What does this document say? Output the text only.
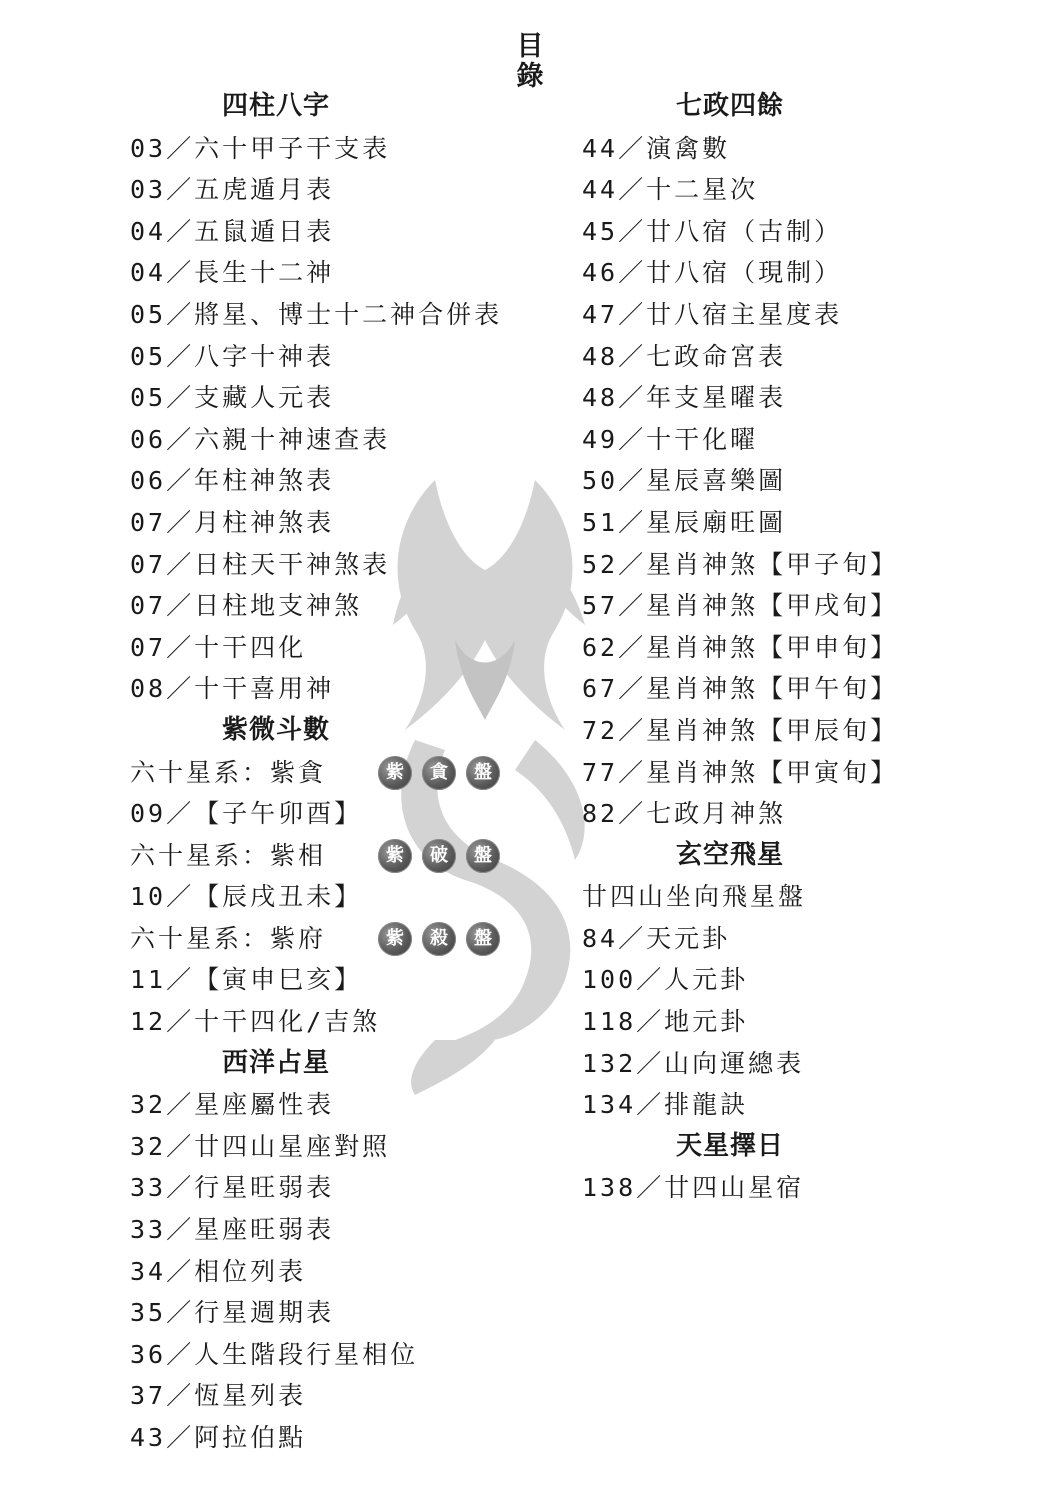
目
錄
四柱八字
03／六十甲子干支表
03／五虎遁月表
04／五鼠遁日表
04／長生十二神
05／將星、博士十二神合併表
05／八字十神表
05／支藏人元表
06／六親十神速查表
06／年柱神煞表
07／月柱神煞表
07／日柱天干神煞表
07／日柱地支神煞
07／十干四化
08／十干喜用神
紫微斗數
六十星系：紫貪	紫	貪	盤
09／【子午卯酉】
六十星系：紫相	紫	破	盤
10／【辰戌丑未】
六十星系：紫府	紫	殺	盤
11／【寅申巳亥】
12／十干四化/吉煞
西洋占星
32／星座屬性表
32／廿四山星座對照
33／行星旺弱表
33／星座旺弱表
34／相位列表
35／行星週期表
36／人生階段行星相位
37／恆星列表
43／阿拉伯點
七政四餘
44／演禽數
44／十二星次
45／廿八宿（古制）
46／廿八宿（現制）
47／廿八宿主星度表
48／七政命宮表
48／年支星曜表
49／十干化曜
50／星辰喜樂圖
51／星辰廟旺圖
52／星肖神煞【甲子旬】
57／星肖神煞【甲戌旬】
62／星肖神煞【甲申旬】
67／星肖神煞【甲午旬】
72／星肖神煞【甲辰旬】
77／星肖神煞【甲寅旬】
82／七政月神煞
玄空飛星
廿四山坐向飛星盤
84／天元卦
100／人元卦
118／地元卦
132／山向運總表
134／排龍訣
天星擇日
138／廿四山星宿
